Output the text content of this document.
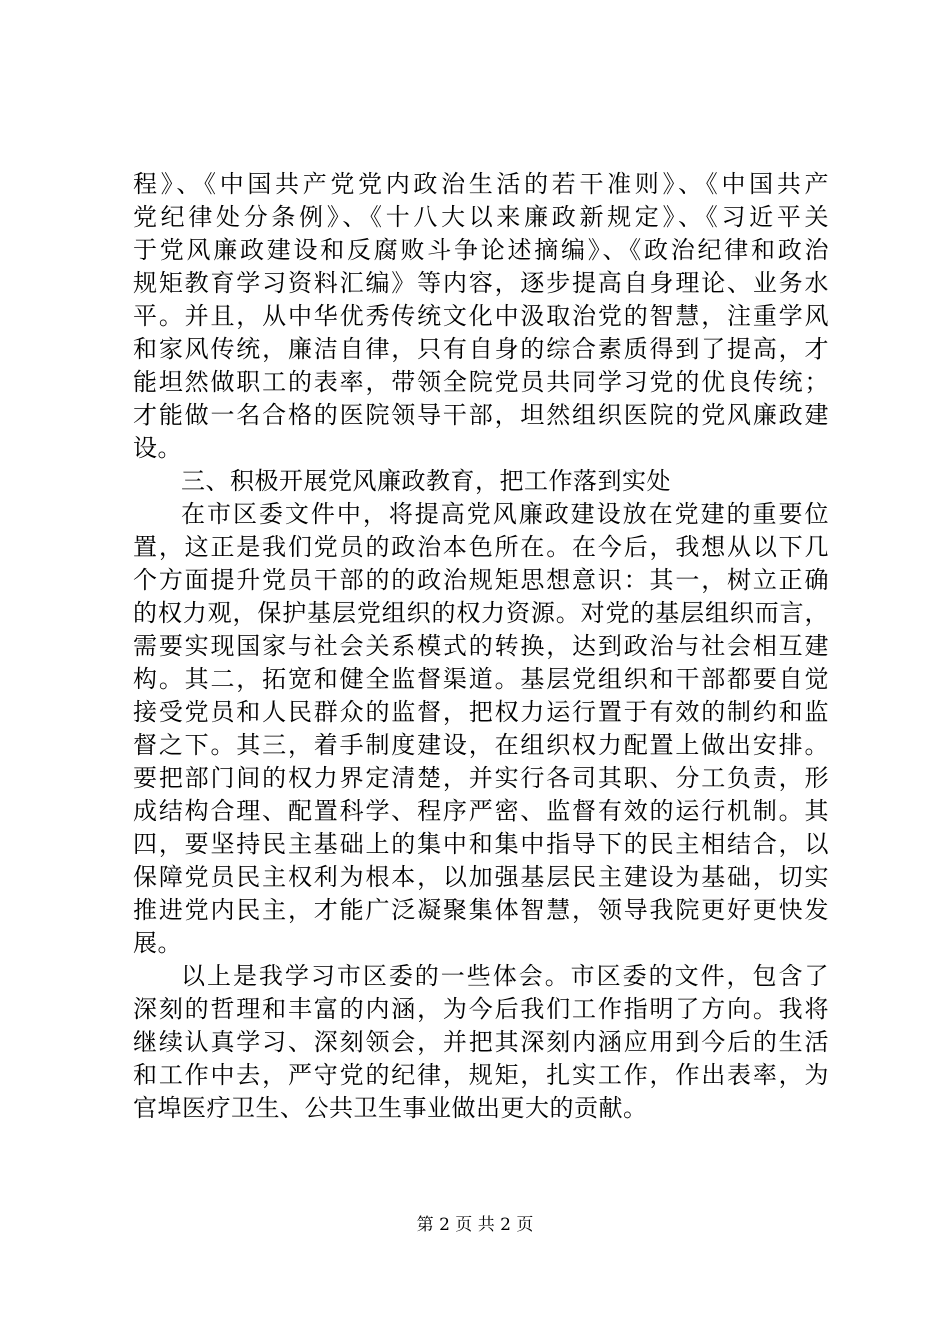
程》、《中国共产党党内政治生活的若干准则》、《中国共产
党纪律处分条例》、《十八大以来廉政新规定》、《习近平关
于党风廉政建设和反腐败斗争论述摘编》、《政治纪律和政治
规矩教育学习资料汇编》等内容，逐步提高自身理论、业务水
平。并且，从中华优秀传统文化中汲取治党的智慧，注重学风
和家风传统，廉洁自律，只有自身的综合素质得到了提高，才
能坦然做职工的表率，带领全院党员共同学习党的优良传统；
才能做一名合格的医院领导干部，坦然组织医院的党风廉政建
设。
三、积极开展党风廉政教育，把工作落到实处
在市区委文件中，将提高党风廉政建设放在党建的重要位
置，这正是我们党员的政治本色所在。在今后，我想从以下几
个方面提升党员干部的的政治规矩思想意识：其一，树立正确
的权力观，保护基层党组织的权力资源。对党的基层组织而言，
需要实现国家与社会关系模式的转换，达到政治与社会相互建
构。其二，拓宽和健全监督渠道。基层党组织和干部都要自觉
接受党员和人民群众的监督，把权力运行置于有效的制约和监
督之下。其三，着手制度建设，在组织权力配置上做出安排。
要把部门间的权力界定清楚，并实行各司其职、分工负责，形
成结构合理、配置科学、程序严密、监督有效的运行机制。其
四，要坚持民主基础上的集中和集中指导下的民主相结合，以
保障党员民主权利为根本，以加强基层民主建设为基础，切实
推进党内民主，才能广泛凝聚集体智慧，领导我院更好更快发
展。
以上是我学习市区委的一些体会。市区委的文件，包含了
深刻的哲理和丰富的内涵，为今后我们工作指明了方向。我将
继续认真学习、深刻领会，并把其深刻内涵应用到今后的生活
和工作中去，严守党的纪律，规矩，扎实工作，作出表率，为
官埠医疗卫生、公共卫生事业做出更大的贡献。
第 2 页 共 2 页
